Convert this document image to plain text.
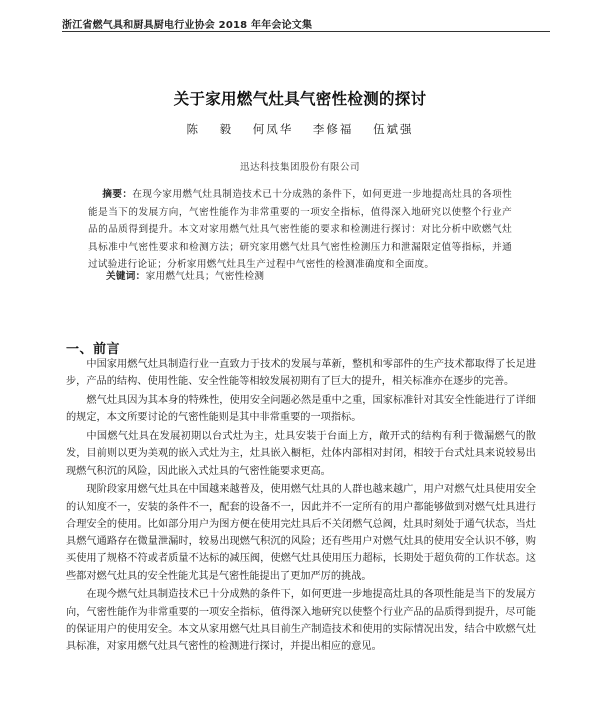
浙江省燃气具和厨具厨电行业协会 2018 年年会论文集
关于家用燃气灶具气密性检测的探讨
陈 毅 何凤华 李修福 伍斌强
迅达科技集团股份有限公司
摘要：在现今家用燃气灶具制造技术已十分成熟的条件下，如何更进一步地提高灶具的各项性能是当下的发展方向，气密性能作为非常重要的一项安全指标，值得深入地研究以使整个行业产品的品质得到提升。本文对家用燃气灶具气密性能的要求和检测进行探讨：对比分析中欧燃气灶具标准中气密性要求和检测方法；研究家用燃气灶具气密性检测压力和泄漏限定值等指标，并通过试验进行论证；分析家用燃气灶具生产过程中气密性的检测准确度和全面度。
关键词：家用燃气灶具；气密性检测
一、前言

中国家用燃气灶具制造行业一直致力于技术的发展与革新，整机和零部件的生产技术都取得了长足进步，产品的结构、使用性能、安全性能等相较发展初期有了巨大的提升，相关标准亦在逐步的完善。

燃气灶具因为其本身的特殊性，使用安全问题必然是重中之重，国家标准针对其安全性能进行了详细的规定，本文所要讨论的气密性能则是其中非常重要的一项指标。

中国燃气灶具在发展初期以台式灶为主，灶具安装于台面上方，敞开式的结构有利于微漏燃气的散发，目前则以更为美观的嵌入式灶为主，灶具嵌入橱柜，灶体内部相对封闭，相较于台式灶具来说较易出现燃气积沉的风险，因此嵌入式灶具的气密性能要求更高。

现阶段家用燃气灶具在中国越来越普及，使用燃气灶具的人群也越来越广，用户对燃气灶具使用安全的认知度不一，安装的条件不一，配套的设备不一，因此并不一定所有的用户都能够做到对燃气灶具进行合理安全的使用。比如部分用户为图方便在使用完灶具后不关闭燃气总阀，灶具时刻处于通气状态，当灶具燃气通路存在微量泄漏时，较易出现燃气积沉的风险；还有些用户对燃气灶具的使用安全认识不够，购买使用了规格不符或者质量不达标的减压阀，使燃气灶具使用压力超标，长期处于超负荷的工作状态。这些都对燃气灶具的安全性能尤其是气密性能提出了更加严厉的挑战。

在现今燃气灶具制造技术已十分成熟的条件下，如何更进一步地提高灶具的各项性能是当下的发展方向，气密性能作为非常重要的一项安全指标，值得深入地研究以使整个行业产品的品质得到提升，尽可能的保证用户的使用安全。本文从家用燃气灶具目前生产制造技术和使用的实际情况出发，结合中欧燃气灶具标准，对家用燃气灶具气密性的检测进行探讨，并提出相应的意见。
